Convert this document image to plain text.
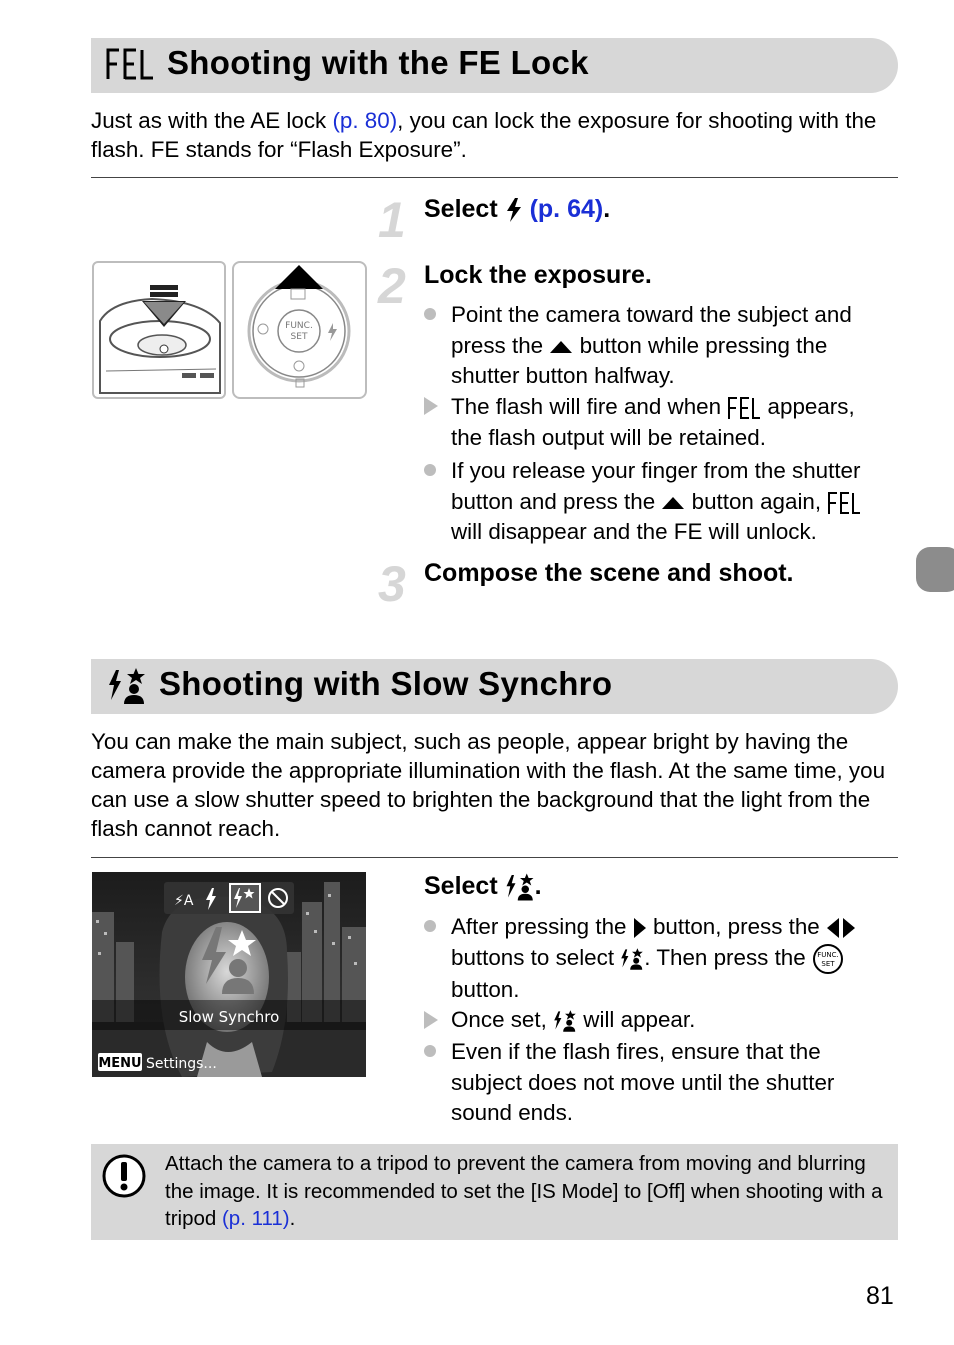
Shooting with the FE Lock
Just as with the AE lock (p. 80), you can lock the exposure for shooting with the flash. FE stands for “Flash Exposure”.
1 Select (p. 64).
FUNC.
SET
2 Lock the exposure.
Point the camera toward the subject and
press the button while pressing the
shutter button halfway.
The flash will fire and when appears,
the flash output will be retained.
If you release your finger from the shutter
button and press the button again,
will disappear and the FE will unlock.
3 Compose the scene and shoot.
Shooting with Slow Synchro
You can make the main subject, such as people, appear bright by having the camera provide the appropriate illumination with the flash. At the same time, you can use a slow shutter speed to brighten the background that the light from the flash cannot reach.
⚡A
Slow Synchro
MENU Settings...
Select .
After pressing the button, press the
buttons to select . Then press the FUNC.
SET
button.
Once set, will appear.
Even if the flash fires, ensure that the
subject does not move until the shutter
sound ends.
Attach the camera to a tripod to prevent the camera from moving and blurring the image. It is recommended to set the [IS Mode] to [Off] when shooting with a tripod (p. 111).
81
